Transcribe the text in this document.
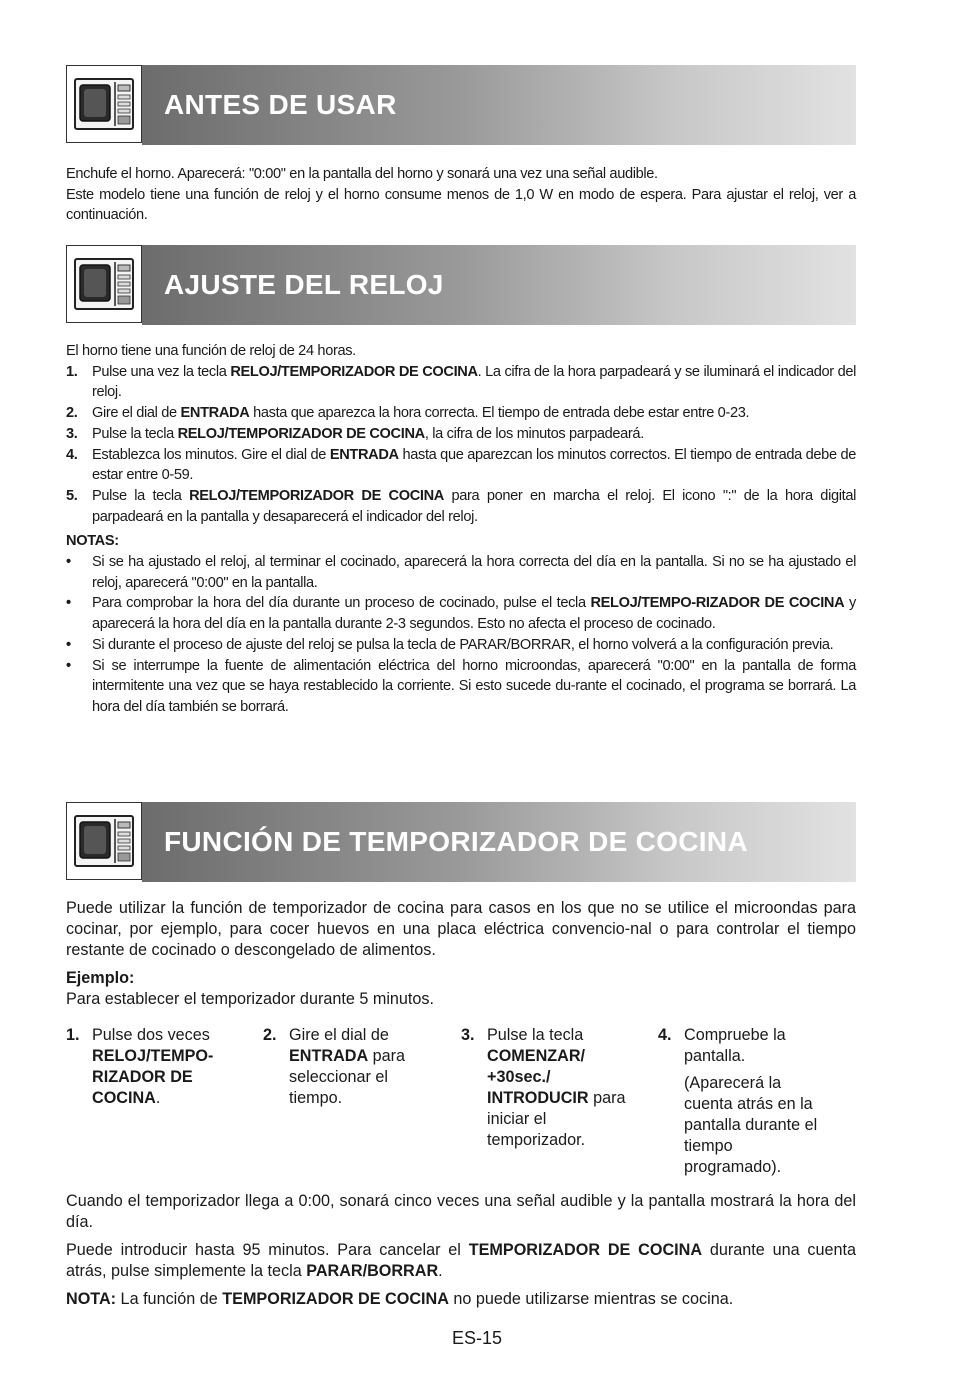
ANTES DE USAR

Enchufe el horno. Aparecerá: "0:00" en la pantalla del horno y sonará una vez una señal audible.

Este modelo tiene una función de reloj y el horno consume menos de 1,0 W en modo de espera. Para ajustar el reloj, ver a continuación.

AJUSTE DEL RELOJ

El horno tiene una función de reloj de 24 horas.

1. Pulse una vez la tecla RELOJ/TEMPORIZADOR DE COCINA. La cifra de la hora parpadeará y se iluminará el indicador del reloj.
2. Gire el dial de ENTRADA hasta que aparezca la hora correcta. El tiempo de entrada debe estar entre 0-23.
3. Pulse la tecla RELOJ/TEMPORIZADOR DE COCINA, la cifra de los minutos parpadeará.
4. Establezca los minutos. Gire el dial de ENTRADA hasta que aparezcan los minutos correctos. El tiempo de entrada debe de estar entre 0-59.
5. Pulse la tecla RELOJ/TEMPORIZADOR DE COCINA para poner en marcha el reloj. El icono ":" de la hora digital parpadeará en la pantalla y desaparecerá el indicador del reloj.

NOTAS:

• Si se ha ajustado el reloj, al terminar el cocinado, aparecerá la hora correcta del día en la pantalla. Si no se ha ajustado el reloj, aparecerá "0:00" en la pantalla.
• Para comprobar la hora del día durante un proceso de cocinado, pulse el tecla RELOJ/TEMPO-RIZADOR DE COCINA y aparecerá la hora del día en la pantalla durante 2-3 segundos. Esto no afecta el proceso de cocinado.
• Si durante el proceso de ajuste del reloj se pulsa la tecla de PARAR/BORRAR, el horno volverá a la configuración previa.
• Si se interrumpe la fuente de alimentación eléctrica del horno microondas, aparecerá "0:00" en la pantalla de forma intermitente una vez que se haya restablecido la corriente. Si esto sucede du-rante el cocinado, el programa se borrará. La hora del día también se borrará.
FUNCIÓN DE TEMPORIZADOR DE COCINA

Puede utilizar la función de temporizador de cocina para casos en los que no se utilice el microondas para cocinar, por ejemplo, para cocer huevos en una placa eléctrica convencio-nal o para controlar el tiempo restante de cocinado o descongelado de alimentos.

Ejemplo:

Para establecer el temporizador durante 5 minutos.

1. Pulse dos veces RELOJ/TEMPO-RIZADOR DE COCINA.

2. Gire el dial de ENTRADA para seleccionar el tiempo.

3. Pulse la tecla COMENZAR/ +30sec./ INTRODUCIR para iniciar el temporizador.

4. Compruebe la pantalla.

(Aparecerá la cuenta atrás en la pantalla durante el tiempo programado).

Cuando el temporizador llega a 0:00, sonará cinco veces una señal audible y la pantalla mostrará la hora del día.

Puede introducir hasta 95 minutos. Para cancelar el TEMPORIZADOR DE COCINA durante una cuenta atrás, pulse simplemente la tecla PARAR/BORRAR.

NOTA: La función de TEMPORIZADOR DE COCINA no puede utilizarse mientras se cocina.

ES-15
